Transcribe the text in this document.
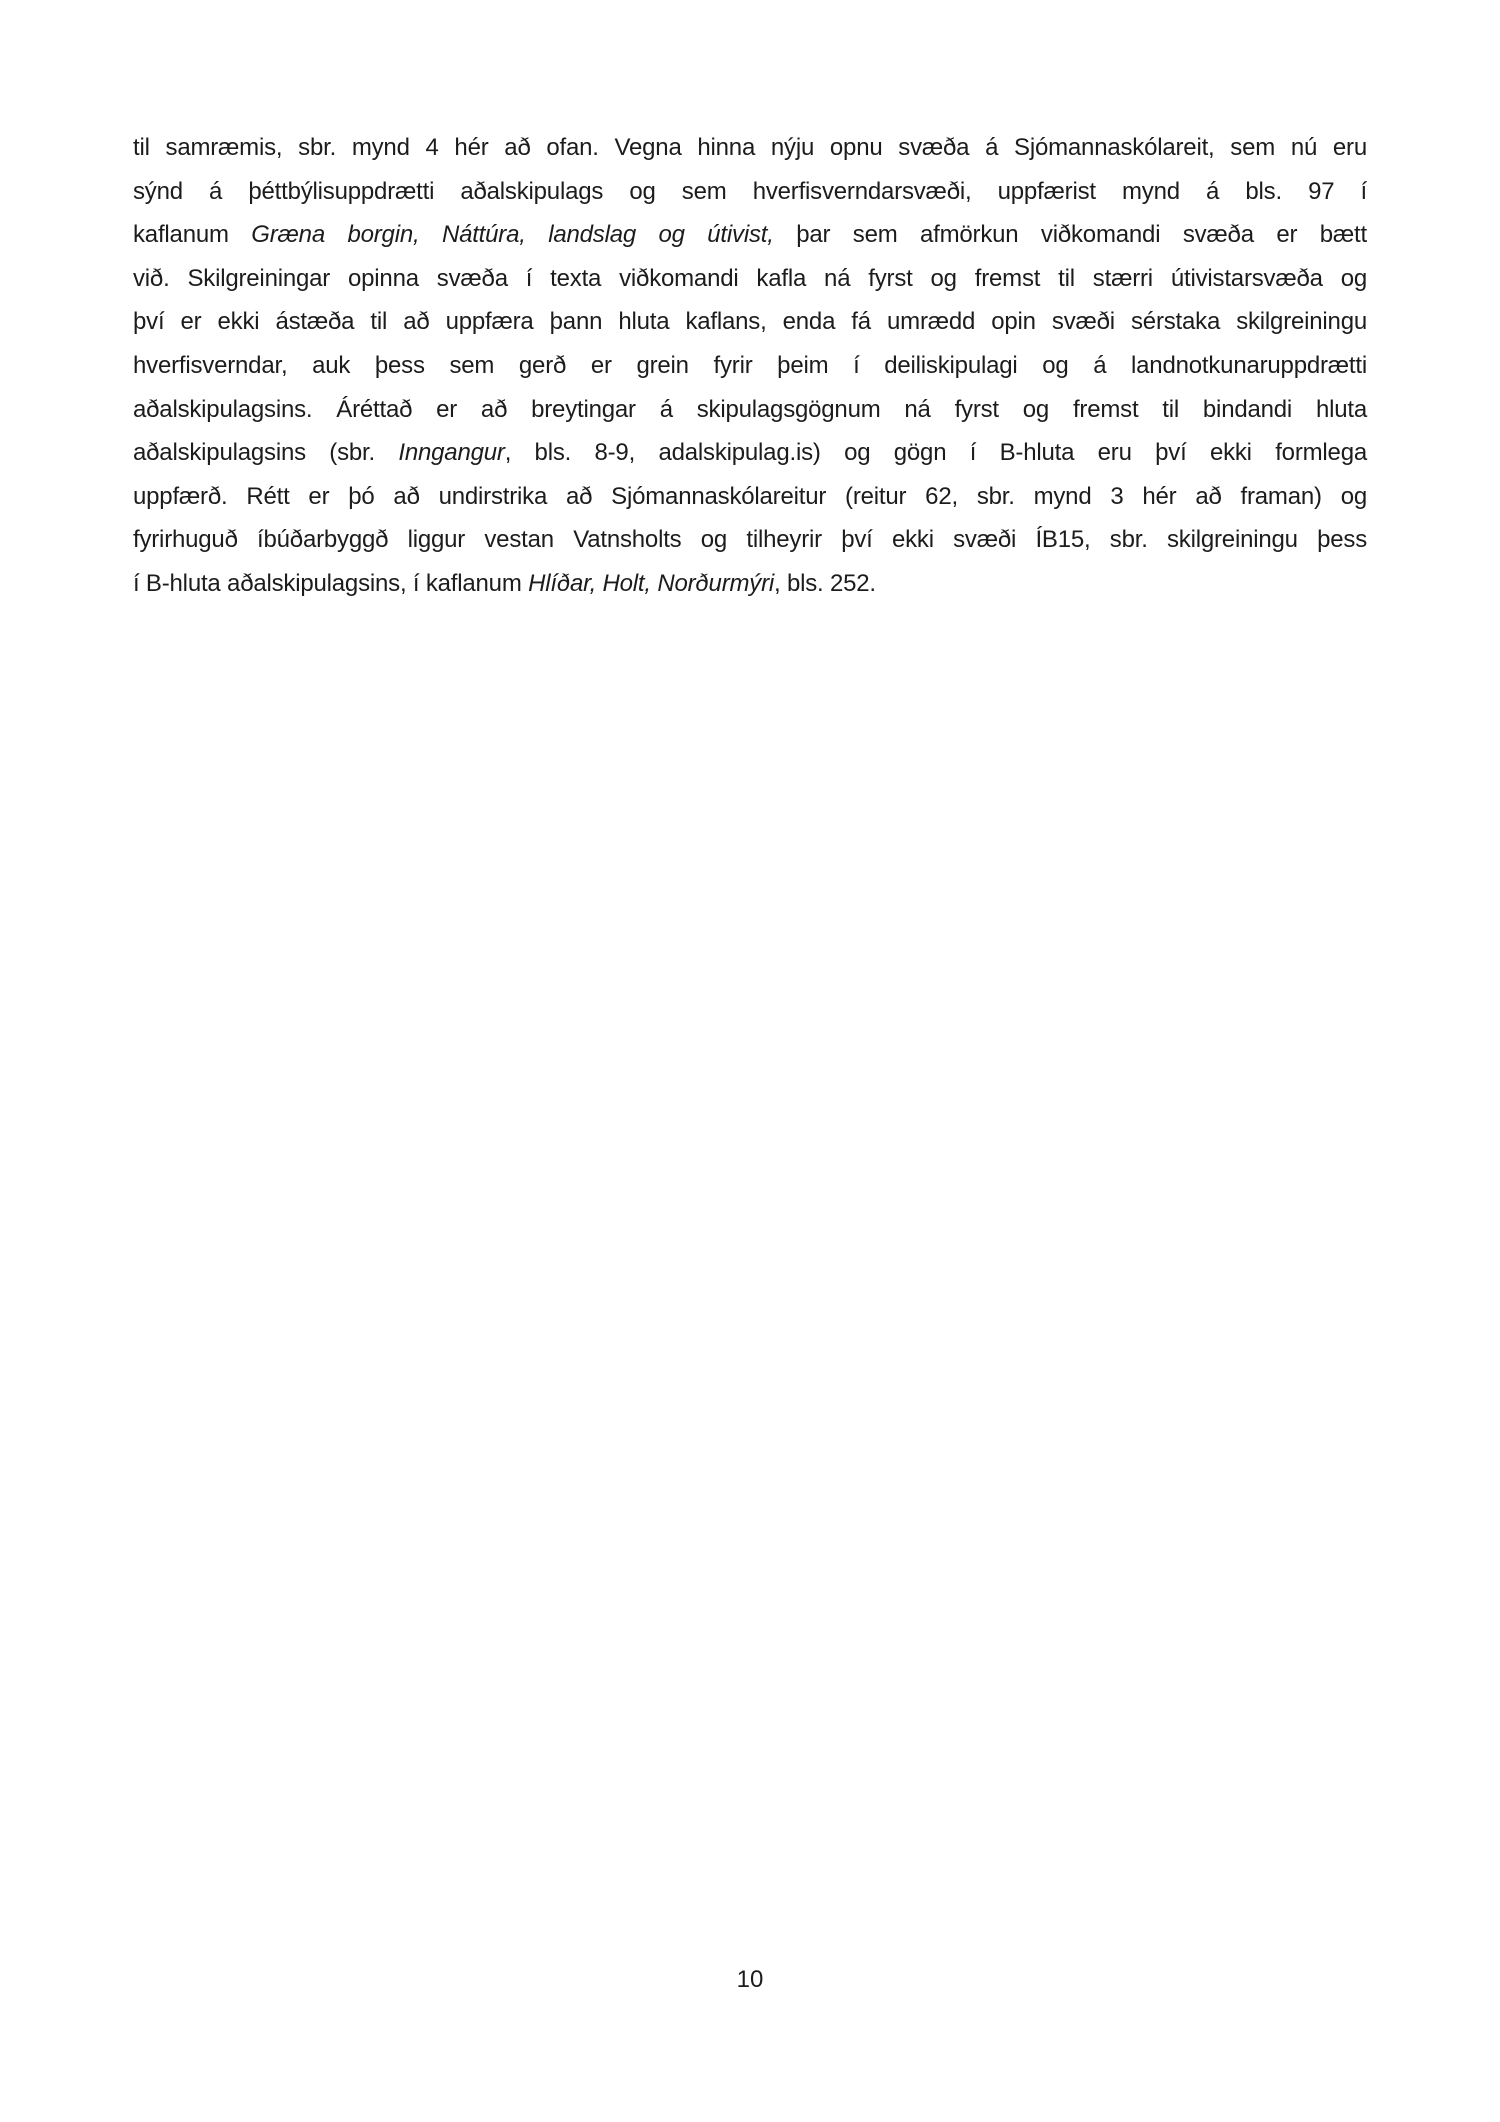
til samræmis, sbr. mynd 4 hér að ofan. Vegna hinna nýju opnu svæða á Sjómannaskólareit, sem nú eru
sýnd á þéttbýlisuppdrætti aðalskipulags og sem hverfisverndarsvæði, uppfærist mynd á bls. 97 í
kaflanum Græna borgin, Náttúra, landslag og útivist, þar sem afmörkun viðkomandi svæða er bætt
við. Skilgreiningar opinna svæða í texta viðkomandi kafla ná fyrst og fremst til stærri útivistarsvæða og
því er ekki ástæða til að uppfæra þann hluta kaflans, enda fá umrædd opin svæði sérstaka skilgreiningu
hverfisverndar, auk þess sem gerð er grein fyrir þeim í deiliskipulagi og á landnotkunaruppdrætti
aðalskipulagsins. Áréttað er að breytingar á skipulagsgögnum ná fyrst og fremst til bindandi hluta
aðalskipulagsins (sbr. Inngangur, bls. 8-9, adalskipulag.is) og gögn í B-hluta eru því ekki formlega
uppfærð. Rétt er þó að undirstrika að Sjómannaskólareitur (reitur 62, sbr. mynd 3 hér að framan) og
fyrirhuguð íbúðarbyggð liggur vestan Vatnsholts og tilheyrir því ekki svæði ÍB15, sbr. skilgreiningu þess
í B-hluta aðalskipulagsins, í kaflanum Hlíðar, Holt, Norðurmýri, bls. 252.
10
